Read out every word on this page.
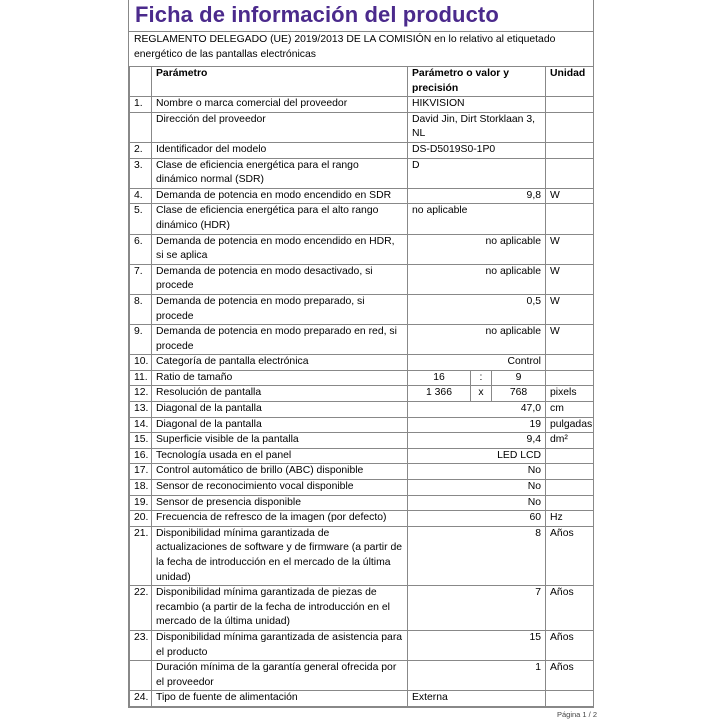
Ficha de información del producto
REGLAMENTO DELEGADO (UE) 2019/2013 DE LA COMISIÓN en lo relativo al etiquetado energético de las pantallas electrónicas
	Parámetro	Parámetro o valor y precisión	Unidad
1.	Nombre o marca comercial del proveedor	HIKVISION	
	Dirección del proveedor	David Jin, Dirt Storklaan 3, NL	
2.	Identificador del modelo	DS-D5019S0-1P0	
3.	Clase de eficiencia energética para el rango dinámico normal (SDR)	D	
4.	Demanda de potencia en modo encendido en SDR	9,8	W
5.	Clase de eficiencia energética para el alto rango dinámico (HDR)	no aplicable	
6.	Demanda de potencia en modo encendido en HDR, si se aplica	no aplicable	W
7.	Demanda de potencia en modo desactivado, si procede	no aplicable	W
8.	Demanda de potencia en modo preparado, si procede	0,5	W
9.	Demanda de potencia en modo preparado en red, si procede	no aplicable	W
10.	Categoría de pantalla electrónica	Control	
11.	Ratio de tamaño	16 : 9	

12.	Resolución de pantalla	1 366 x 768	pixels
13.	Diagonal de la pantalla	47,0	cm
14.	Diagonal de la pantalla	19	pulgadas
15.	Superficie visible de la pantalla	9,4	dm²
16.	Tecnología usada en el panel	LED LCD	
17.	Control automático de brillo (ABC) disponible	No	
18.	Sensor de reconocimiento vocal disponible	No	
19.	Sensor de presencia disponible	No	
20.	Frecuencia de refresco de la imagen (por defecto)	60	Hz
21.	Disponibilidad mínima garantizada de actualizaciones de software y de firmware (a partir de la fecha de introducción en el mercado de la última unidad)	8	Años
22.	Disponibilidad mínima garantizada de piezas de recambio (a partir de la fecha de introducción en el mercado de la última unidad)	7	Años
23.	Disponibilidad mínima garantizada de asistencia para el producto	15	Años
	Duración mínima de la garantía general ofrecida por el proveedor	1	Años
24.	Tipo de fuente de alimentación	Externa	
Página 1 / 2
